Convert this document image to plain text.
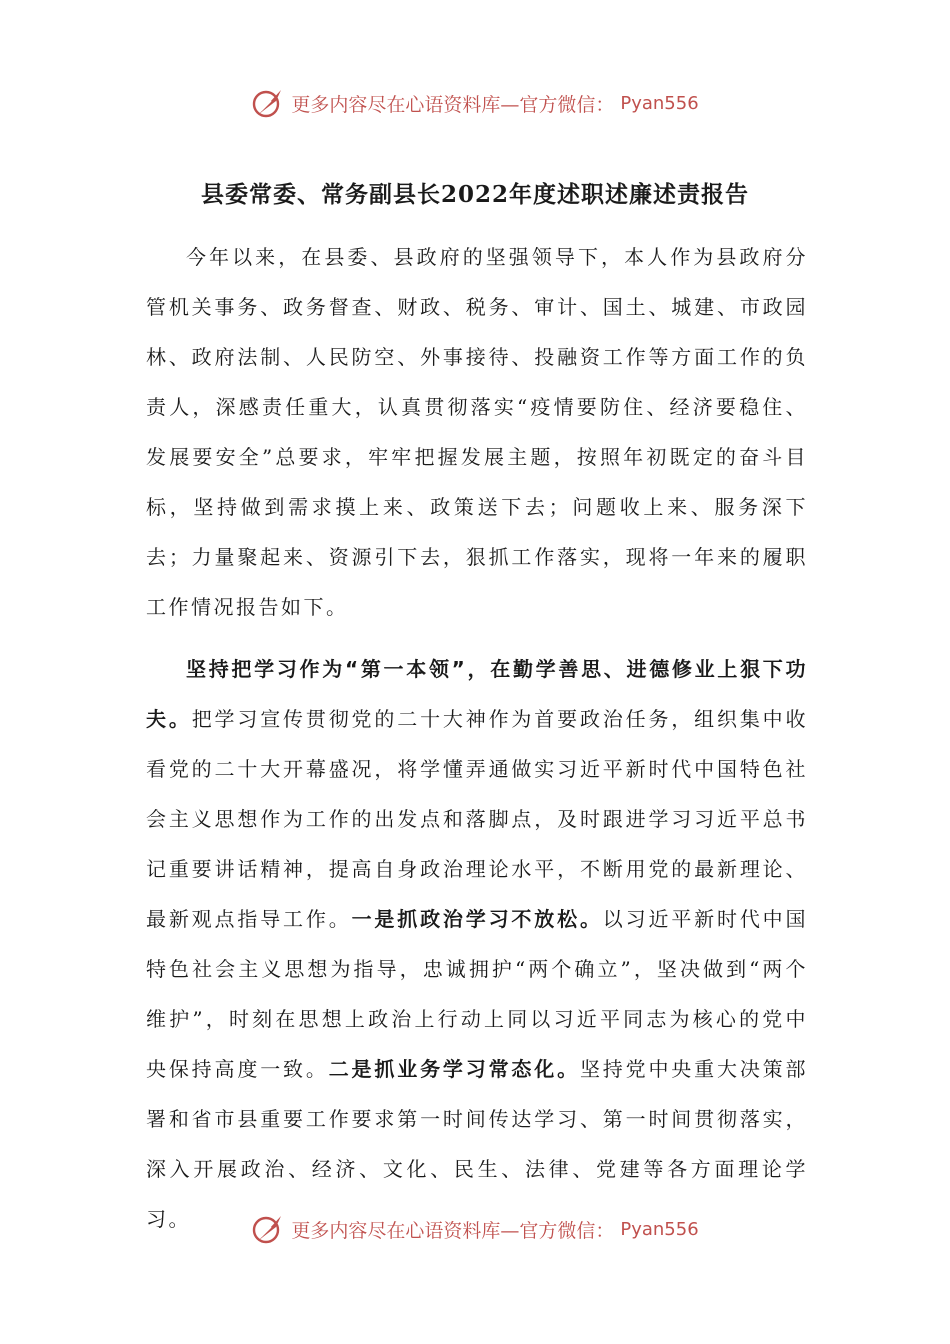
更多内容尽在心语资料库—官方微信： Pyan556
县委常委、常务副县长2022年度述职述廉述责报告

今年以来，在县委、县政府的坚强领导下，本人作为县政府分管机关事务、政务督查、财政、税务、审计、国土、城建、市政园林、政府法制、人民防空、外事接待、投融资工作等方面工作的负责人，深感责任重大，认真贯彻落实“疫情要防住、经济要稳住、发展要安全”总要求，牢牢把握发展主题，按照年初既定的奋斗目标，坚持做到需求摸上来、政策送下去；问题收上来、服务深下去；力量聚起来、资源引下去，狠抓工作落实，现将一年来的履职工作情况报告如下。

坚持把学习作为“第一本领”，在勤学善思、进德修业上狠下功夫。把学习宣传贯彻党的二十大神作为首要政治任务，组织集中收看党的二十大开幕盛况，将学懂弄通做实习近平新时代中国特色社会主义思想作为工作的出发点和落脚点，及时跟进学习习近平总书记重要讲话精神，提高自身政治理论水平，不断用党的最新理论、最新观点指导工作。一是抓政治学习不放松。以习近平新时代中国特色社会主义思想为指导，忠诚拥护“两个确立”，坚决做到“两个维护”，时刻在思想上政治上行动上同以习近平同志为核心的党中央保持高度一致。二是抓业务学习常态化。坚持党中央重大决策部署和省市县重要工作要求第一时间传达学习、第一时间贯彻落实，深入开展政治、经济、文化、民生、法律、党建等各方面理论学习。	更多内容尽在心语资料库—官方微信： Pyan556
